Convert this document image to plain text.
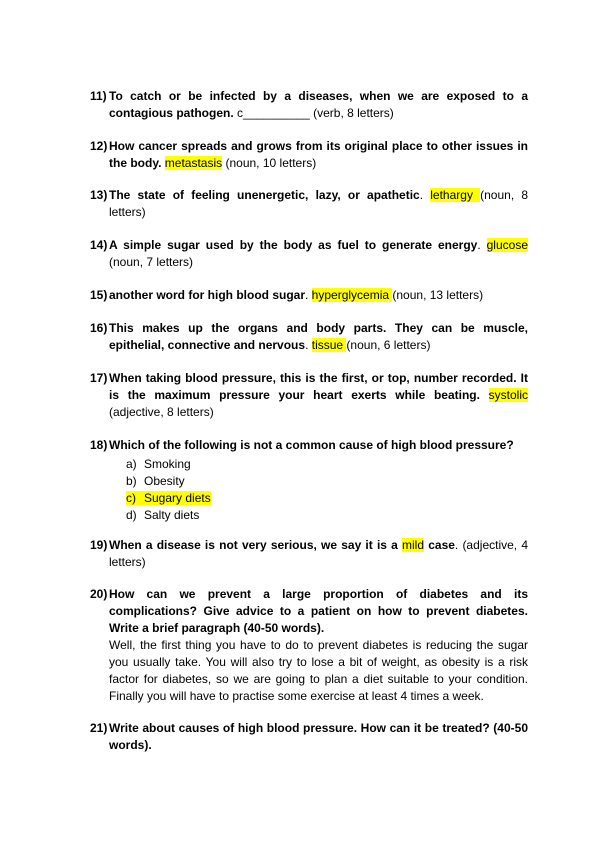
11) To catch or be infected by a diseases, when we are exposed to a contagious pathogen. c__________ (verb, 8 letters)
12) How cancer spreads and grows from its original place to other issues in the body. metastasis (noun, 10 letters)
13) The state of feeling unenergetic, lazy, or apathetic. lethargy (noun, 8 letters)
14) A simple sugar used by the body as fuel to generate energy. glucose (noun, 7 letters)
15) another word for high blood sugar. hyperglycemia (noun, 13 letters)
16) This makes up the organs and body parts. They can be muscle, epithelial, connective and nervous. tissue (noun, 6 letters)
17) When taking blood pressure, this is the first, or top, number recorded. It is the maximum pressure your heart exerts while beating. systolic (adjective, 8 letters)
18) Which of the following is not a common cause of high blood pressure?
a) Smoking
b) Obesity
c) Sugary diets
d) Salty diets
19) When a disease is not very serious, we say it is a mild case. (adjective, 4 letters)
20) How can we prevent a large proportion of diabetes and its complications? Give advice to a patient on how to prevent diabetes. Write a brief paragraph (40-50 words).
Well, the first thing you have to do to prevent diabetes is reducing the sugar you usually take. You will also try to lose a bit of weight, as obesity is a risk factor for diabetes, so we are going to plan a diet suitable to your condition. Finally you will have to practise some exercise at least 4 times a week.
21) Write about causes of high blood pressure. How can it be treated? (40-50 words).
